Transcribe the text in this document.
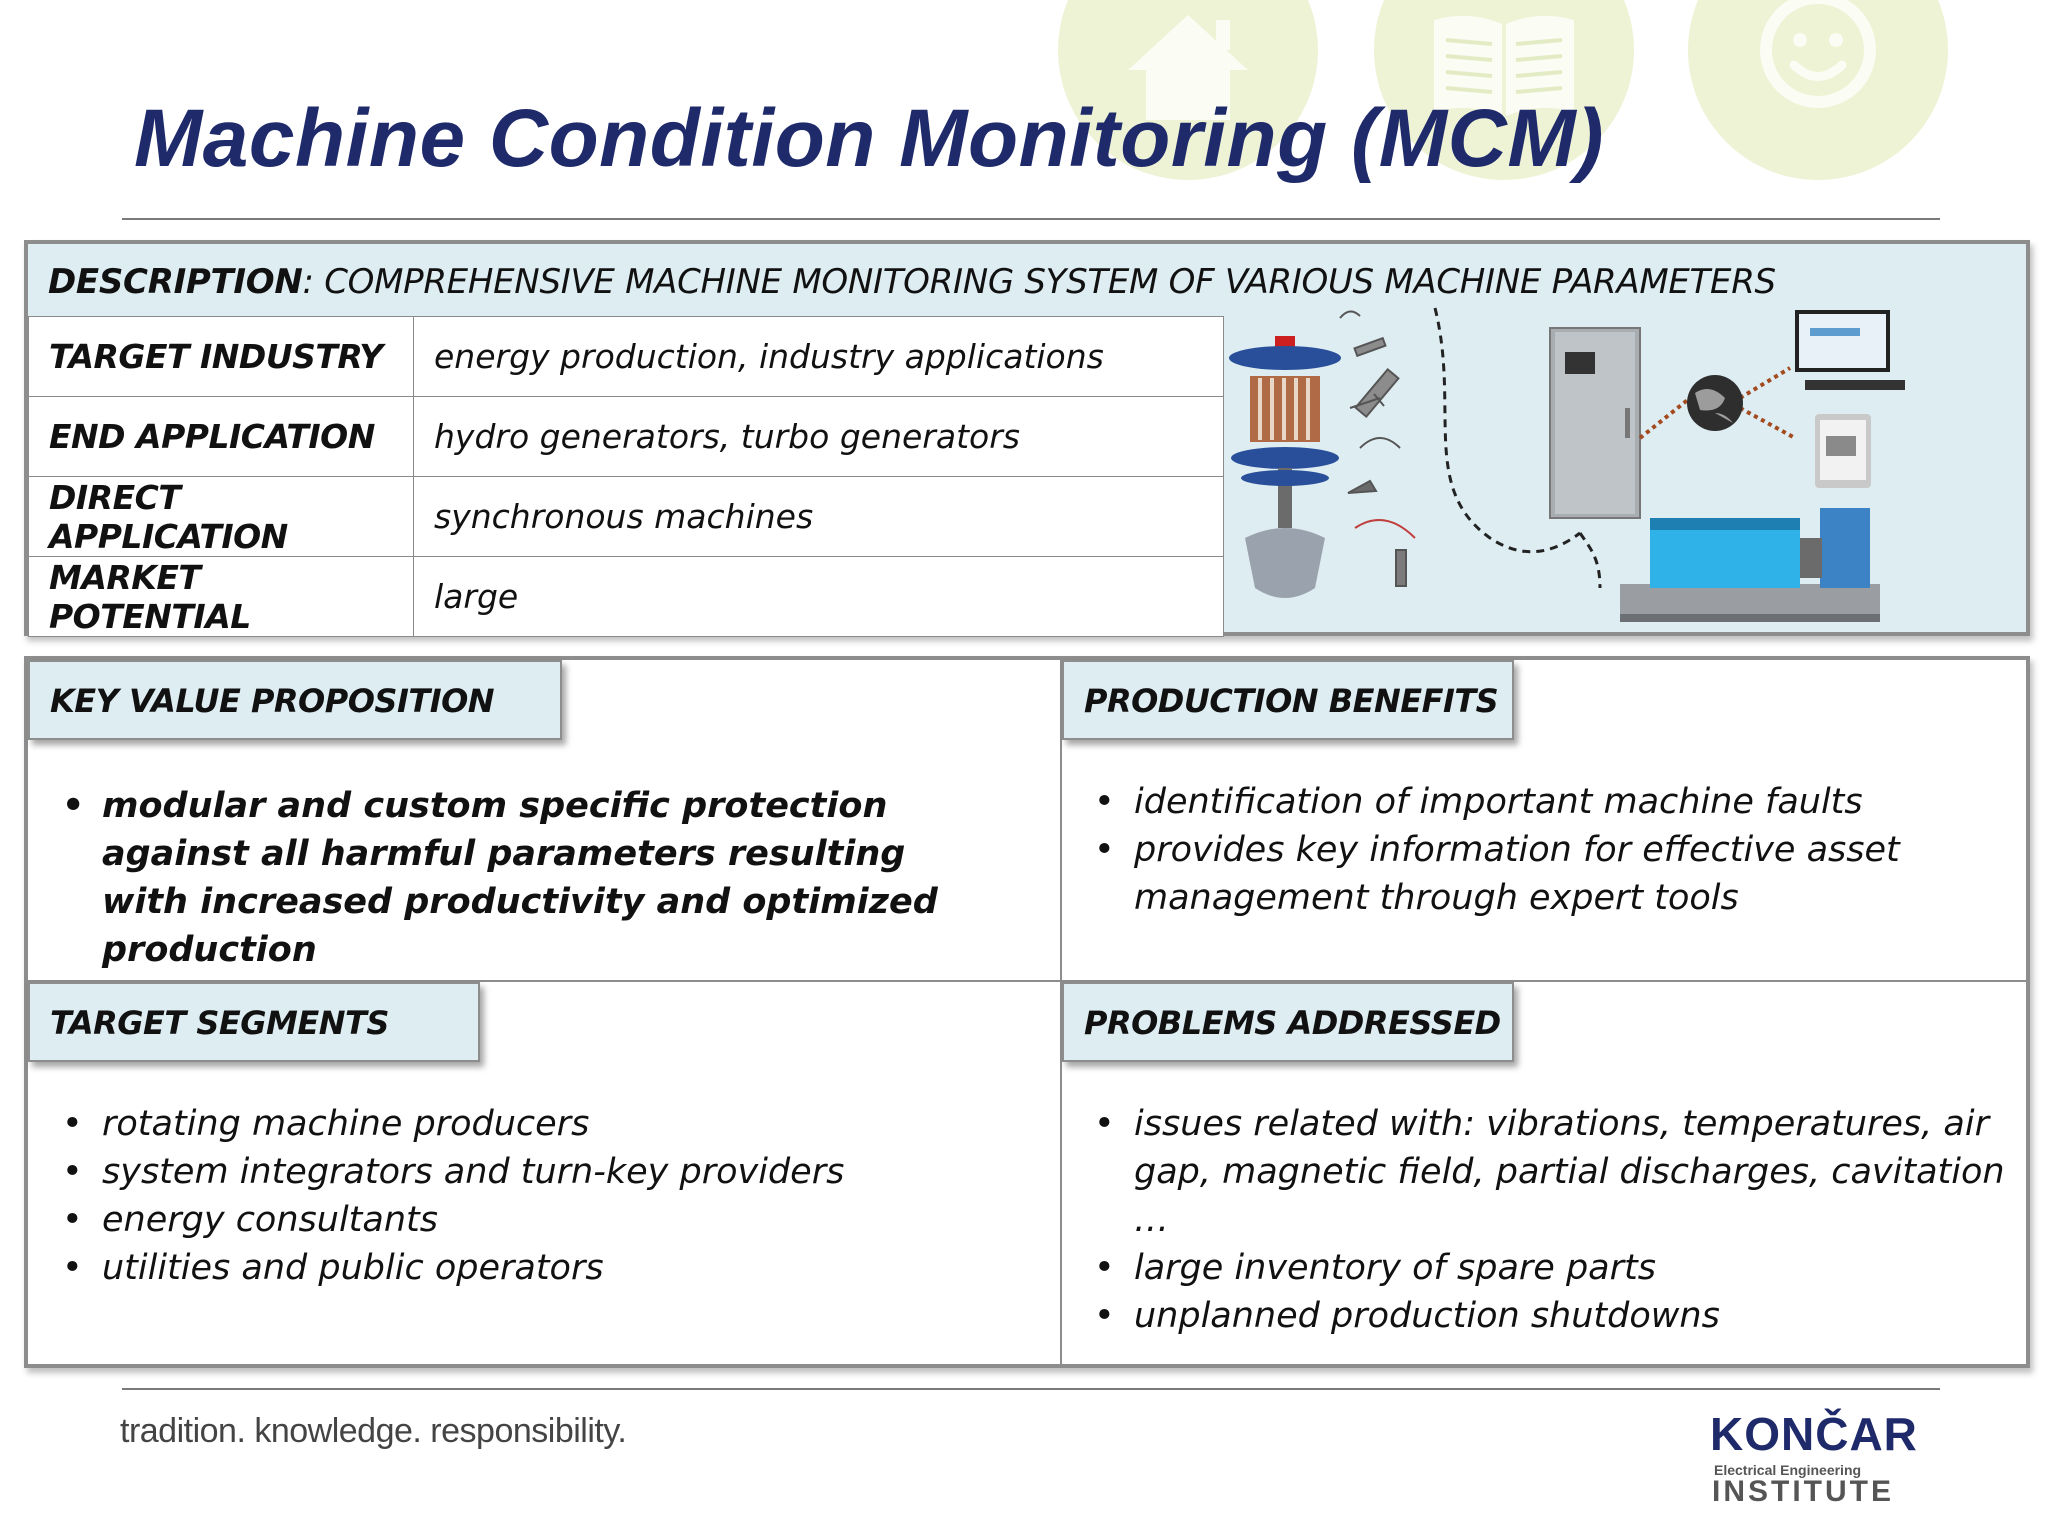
Machine Condition Monitoring (MCM)
DESCRIPTION: COMPREHENSIVE MACHINE MONITORING SYSTEM OF VARIOUS MACHINE PARAMETERS
TARGET INDUSTRY	energy production, industry applications
END APPLICATION	hydro generators, turbo generators
DIRECT APPLICATION	synchronous machines
MARKET POTENTIAL	large
KEY VALUE PROPOSITION
• modular and custom specific protection against all harmful parameters resulting with increased productivity and optimized production
PRODUCTION BENEFITS
• identification of important machine faults
• provides key information for effective asset management through expert tools
TARGET SEGMENTS
• rotating machine producers
• system integrators and turn-key providers
• energy consultants
• utilities and public operators
PROBLEMS ADDRESSED
• issues related with: vibrations, temperatures, air gap, magnetic field, partial discharges, cavitation …
• large inventory of spare parts
• unplanned production shutdowns
tradition. knowledge. responsibility.	KONČAR
Electrical Engineering
INSTITUTE
